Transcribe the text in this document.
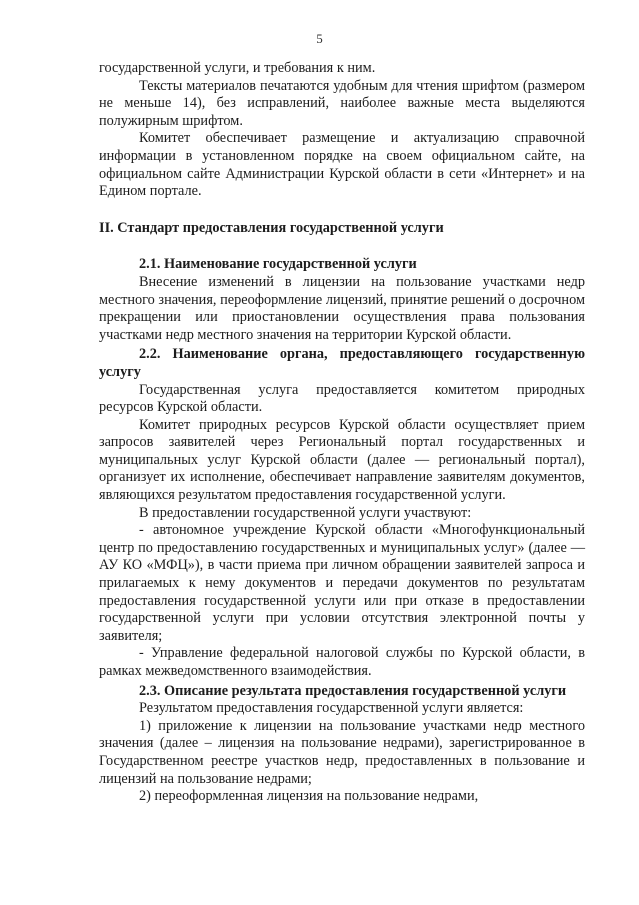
5

государственной услуги, и требования к ним.

Тексты материалов печатаются удобным для чтения шрифтом (размером не меньше 14), без исправлений, наиболее важные места выделяются полужирным шрифтом.

Комитет обеспечивает размещение и актуализацию справочной информации в установленном порядке на своем официальном сайте, на официальном сайте Администрации Курской области в сети «Интернет» и на Едином портале.

II. Стандарт предоставления государственной услуги

2.1. Наименование государственной услуги

Внесение изменений в лицензии на пользование участками недр местного значения, переоформление лицензий, принятие решений о досрочном прекращении или приостановлении осуществления права пользования участками недр местного значения на территории Курской области.

2.2. Наименование органа, предоставляющего государственную услугу

Государственная услуга предоставляется комитетом природных ресурсов Курской области.

Комитет природных ресурсов Курской области осуществляет прием запросов заявителей через Региональный портал государственных и муниципальных услуг Курской области (далее — региональный портал), организует их исполнение, обеспечивает направление заявителям документов, являющихся результатом предоставления государственной услуги.

В предоставлении государственной услуги участвуют:

- автономное учреждение Курской области «Многофункциональный центр по предоставлению государственных и муниципальных услуг» (далее — АУ КО «МФЦ»), в части приема при личном обращении заявителей запроса и прилагаемых к нему документов и передачи документов по результатам предоставления государственной услуги или при отказе в предоставлении государственной услуги при условии отсутствия электронной почты у заявителя;

- Управление федеральной налоговой службы по Курской области, в рамках межведомственного взаимодействия.

2.3. Описание результата предоставления государственной услуги

Результатом предоставления государственной услуги является:

1) приложение к лицензии на пользование участками недр местного значения (далее – лицензия на пользование недрами), зарегистрированное в Государственном реестре участков недр, предоставленных в пользование и лицензий на пользование недрами;

2) переоформленная лицензия на пользование недрами,
